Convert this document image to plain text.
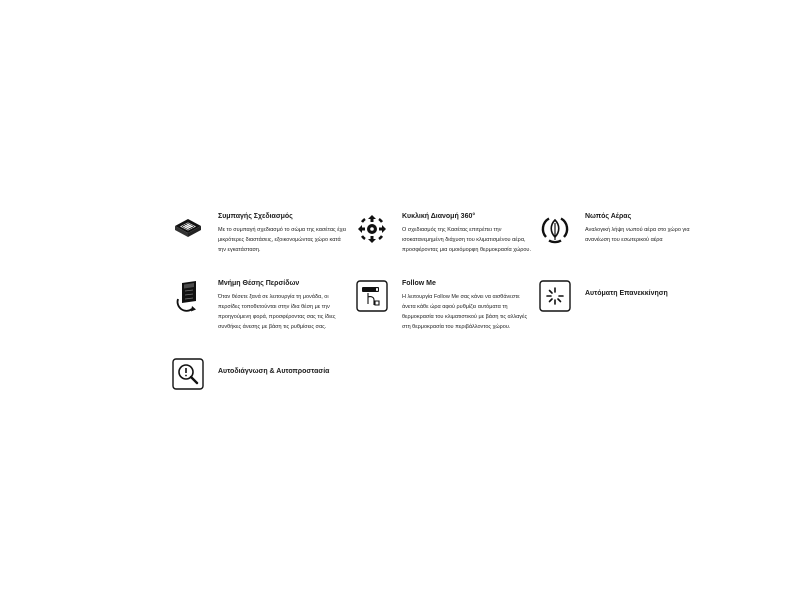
Συμπαγής Σχεδιασμός
Με το συμπαγή σχεδιασμό το σώμα της κασέτας έχει μικρότερες διαστάσεις, εξοικονομώντας χώρο κατά την εγκατάσταση.
Κυκλική Διανομή 360°
Ο σχεδιασμός της Κασέτας επιτρέπει την ισοκατανεμημένη διάχυση του κλιματισμένου αέρα, προσφέροντας μια ομοιόμορφη θερμοκρασία χώρου.
Νωπός Αέρας
Αναλογική λήψη νωπού αέρα στο χώρο για ανανέωση του εσωτερικού αέρα
Μνήμη Θέσης Περσίδων
Όταν θέσετε ξανά σε λειτουργία τη μονάδα, οι περσίδες τοποθετούνται στην ίδια θέση με την προηγούμενη φορά, προσφέροντας σας τις ίδιες συνθήκες άνεσης με βάση τις ρυθμίσεις σας.
Follow Me
Η λειτουργία Follow Me σας κάνει να αισθάνεστε άνετα κάθε ώρα αφού ρυθμίζει αυτόματα τη θερμοκρασία του κλιματιστικού με βάση τις αλλαγές στη θερμοκρασία του περιβάλλοντος χώρου.
Αυτόματη Επανεκκίνηση
Αυτοδιάγνωση & Αυτοπροστασία
